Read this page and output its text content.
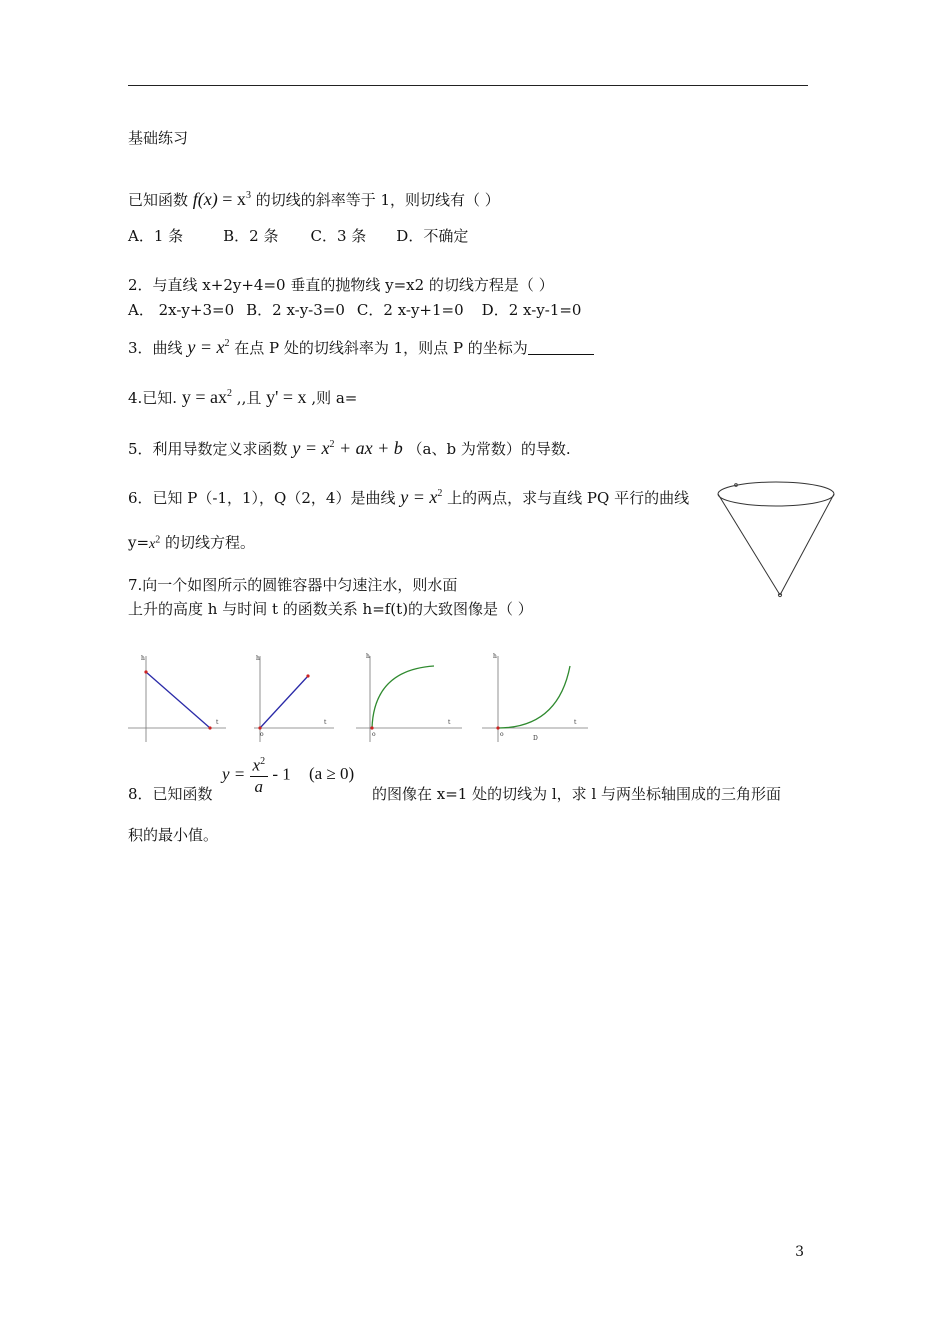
基础练习
已知函数 $f(x) = x^3$ 的切线的斜率等于 1，则切线有（ ）
A．1 条	B．2 条 C．3 条 D．不确定
2．与直线 x+2y+4=0 垂直的抛物线 y=x2 的切线方程是（ ）
A． 2x-y+3=0 B．2 x-y-3=0 C．2 x-y+1=0 D．2 x-y-1=0
3．曲线 $y = x^2$ 在点 P 处的切线斜率为 1，则点 P 的坐标为
4.已知. $y = ax^2$ ,,且 y' = x ,则 a=
5．利用导数定义求函数 $y = x^2$ + ax + b （a、b 为常数）的导数.
6．已知 P（-1，1），Q（2，4）是曲线 $y = x^2$ 上的两点，求与直线 PQ 平行的曲线
$y=x^2$ 的切线方程。
7.向一个如图所示的圆锥容器中匀速注水，则水面
上升的高度 h 与时间 t 的函数关系 h=f(t)的大致图像是（ ）
h
t
h
t
o
h
t
o
h
t
o
D
8．已知函数
$y = \frac{x^2}{a} - 1$ (a ≥ 0)
的图像在 x=1 处的切线为 l，求 l 与两坐标轴围成的三角形面
积的最小值。
3
